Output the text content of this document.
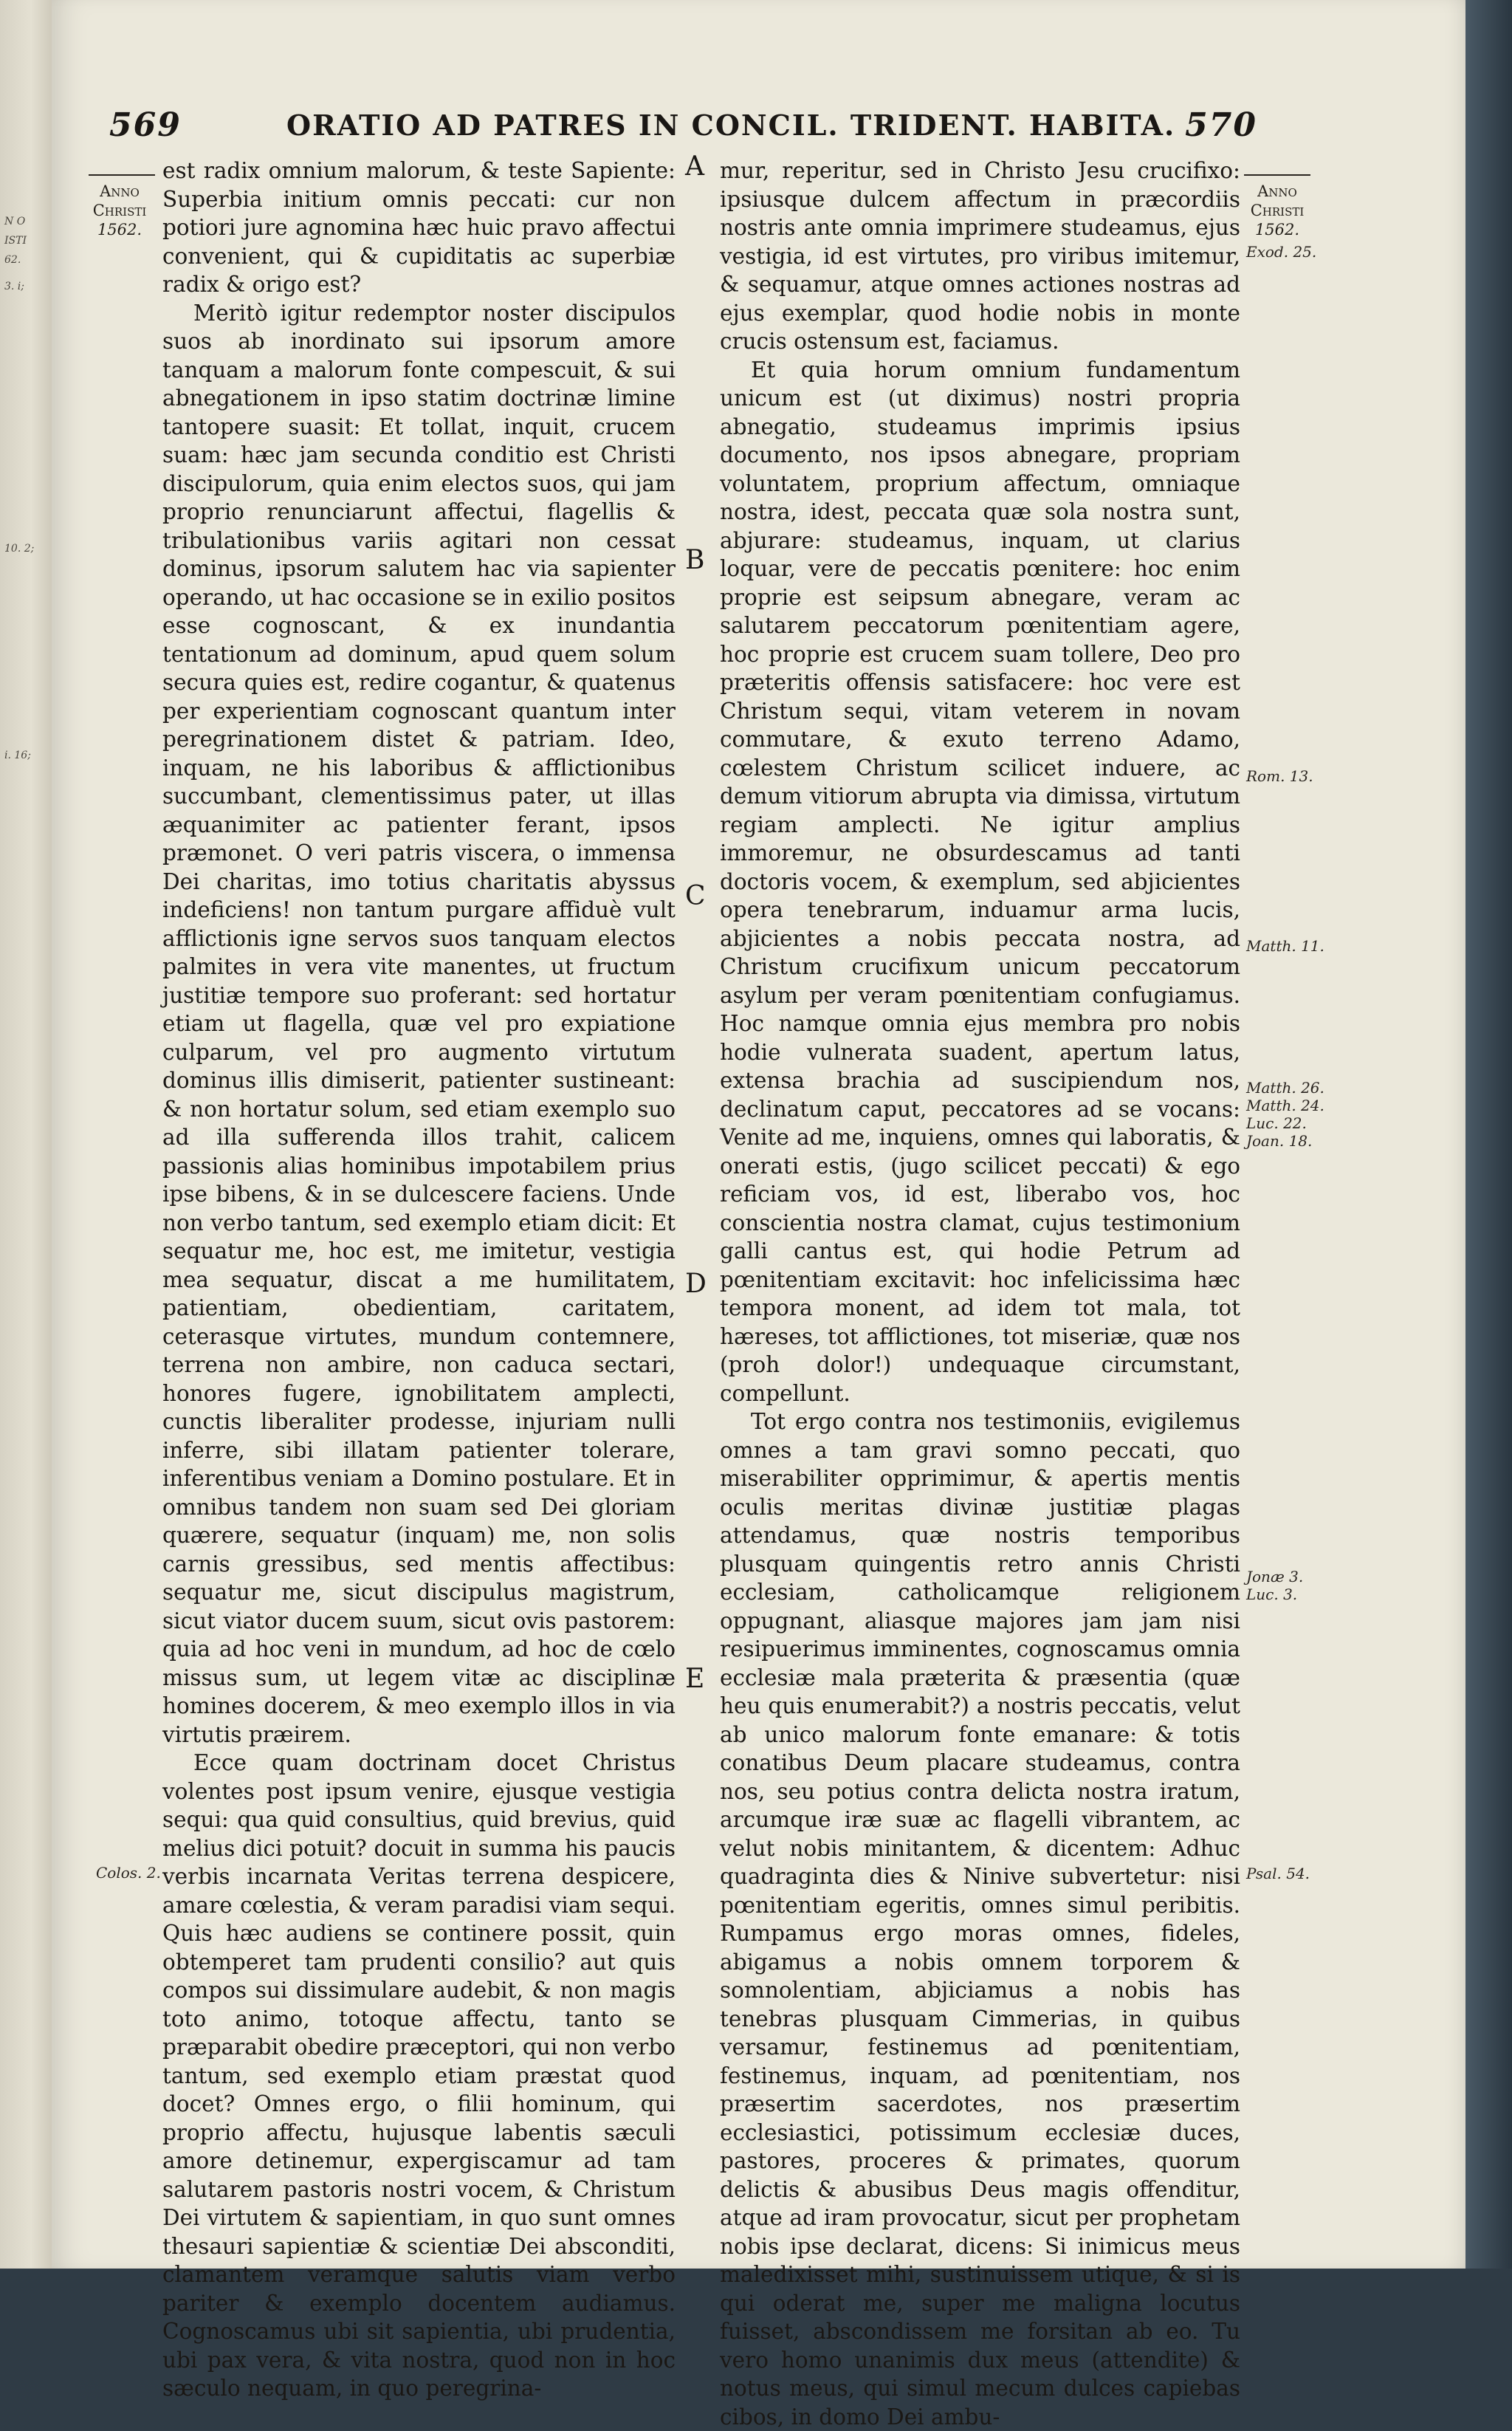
N O
ISTI
62.
3. i;
10. 2;
i. 16;
569	ORATIO AD PATRES IN CONCIL. TRIDENT. HABITA. 570
Anno
Christi
1562.
Colos. 2.
Anno
Christi
1562.
Exod. 25.
Rom. 13.
Matth. 11.
Matth. 26.
Matth. 24.
Luc. 22.
Joan. 18.
Jonæ 3.
Luc. 3.
Psal. 54.
A
B
C
D
E

est radix omnium malorum, & teste Sapiente: Superbia initium omnis peccati: cur non potiori jure agnomina hæc huic pravo affectui convenient, qui & cupiditatis ac superbiæ radix & origo est?

Meritò igitur redemptor noster discipulos suos ab inordinato sui ipsorum amore tanquam a malorum fonte compescuit, & sui abnegationem in ipso statim doctrinæ limine tantopere suasit: Et tollat, inquit, crucem suam: hæc jam secunda conditio est Christi discipulorum, quia enim electos suos, qui jam proprio renunciarunt affectui, flagellis & tribulationibus variis agitari non cessat dominus, ipsorum salutem hac via sapienter operando, ut hac occasione se in exilio positos esse cognoscant, & ex inundantia tentationum ad dominum, apud quem solum secura quies est, redire cogantur, & quatenus per experientiam cognoscant quantum inter peregrinationem distet & patriam. Ideo, inquam, ne his laboribus & afflictionibus succumbant, clementissimus pater, ut illas æquanimiter ac patienter ferant, ipsos præmonet. O veri patris viscera, o immensa Dei charitas, imo totius charitatis abyssus indeficiens! non tantum purgare affiduè vult afflictionis igne servos suos tanquam electos palmites in vera vite manentes, ut fructum justitiæ tempore suo proferant: sed hortatur etiam ut flagella, quæ vel pro expiatione culparum, vel pro augmento virtutum dominus illis dimiserit, patienter sustineant: & non hortatur solum, sed etiam exemplo suo ad illa sufferenda illos trahit, calicem passionis alias hominibus impotabilem prius ipse bibens, & in se dulcescere faciens. Unde non verbo tantum, sed exemplo etiam dicit: Et sequatur me, hoc est, me imitetur, vestigia mea sequatur, discat a me humilitatem, patientiam, obedientiam, caritatem, ceterasque virtutes, mundum contemnere, terrena non ambire, non caduca sectari, honores fugere, ignobilitatem amplecti, cunctis liberaliter prodesse, injuriam nulli inferre, sibi illatam patienter tolerare, inferentibus veniam a Domino postulare. Et in omnibus tandem non suam sed Dei gloriam quærere, sequatur (inquam) me, non solis carnis gressibus, sed mentis affectibus: sequatur me, sicut discipulus magistrum, sicut viator ducem suum, sicut ovis pastorem: quia ad hoc veni in mundum, ad hoc de cœlo missus sum, ut legem vitæ ac disciplinæ homines docerem, & meo exemplo illos in via virtutis præirem.

Ecce quam doctrinam docet Christus volentes post ipsum venire, ejusque vestigia sequi: qua quid consultius, quid brevius, quid melius dici potuit? docuit in summa his paucis verbis incarnata Veritas terrena despicere, amare cœlestia, & veram paradisi viam sequi. Quis hæc audiens se continere possit, quin obtemperet tam prudenti consilio? aut quis compos sui dissimulare audebit, & non magis toto animo, totoque affectu, tanto se præparabit obedire præceptori, qui non verbo tantum, sed exemplo etiam præstat quod docet? Omnes ergo, o filii hominum, qui proprio affectu, hujusque labentis sæculi amore detinemur, expergiscamur ad tam salutarem pastoris nostri vocem, & Christum Dei virtutem & sapientiam, in quo sunt omnes thesauri sapientiæ & scientiæ Dei absconditi, clamantem veramque salutis viam verbo pariter & exemplo docentem audiamus. Cognoscamus ubi sit sapientia, ubi prudentia, ubi pax vera, & vita nostra, quod non in hoc sæculo nequam, in quo peregrina-

mur, reperitur, sed in Christo Jesu crucifixo: ipsiusque dulcem affectum in præcordiis nostris ante omnia imprimere studeamus, ejus vestigia, id est virtutes, pro viribus imitemur, & sequamur, atque omnes actiones nostras ad ejus exemplar, quod hodie nobis in monte crucis ostensum est, faciamus.

Et quia horum omnium fundamentum unicum est (ut diximus) nostri propria abnegatio, studeamus imprimis ipsius documento, nos ipsos abnegare, propriam voluntatem, proprium affectum, omniaque nostra, idest, peccata quæ sola nostra sunt, abjurare: studeamus, inquam, ut clarius loquar, vere de peccatis pœnitere: hoc enim proprie est seipsum abnegare, veram ac salutarem peccatorum pœnitentiam agere, hoc proprie est crucem suam tollere, Deo pro præteritis offensis satisfacere: hoc vere est Christum sequi, vitam veterem in novam commutare, & exuto terreno Adamo, cœlestem Christum scilicet induere, ac demum vitiorum abrupta via dimissa, virtutum regiam amplecti. Ne igitur amplius immoremur, ne obsurdescamus ad tanti doctoris vocem, & exemplum, sed abjicientes opera tenebrarum, induamur arma lucis, abjicientes a nobis peccata nostra, ad Christum crucifixum unicum peccatorum asylum per veram pœnitentiam confugiamus. Hoc namque omnia ejus membra pro nobis hodie vulnerata suadent, apertum latus, extensa brachia ad suscipiendum nos, declinatum caput, peccatores ad se vocans: Venite ad me, inquiens, omnes qui laboratis, & onerati estis, (jugo scilicet peccati) & ego reficiam vos, id est, liberabo vos, hoc conscientia nostra clamat, cujus testimonium galli cantus est, qui hodie Petrum ad pœnitentiam excitavit: hoc infelicissima hæc tempora monent, ad idem tot mala, tot hæreses, tot afflictiones, tot miseriæ, quæ nos (proh dolor!) undequaque circumstant, compellunt.

Tot ergo contra nos testimoniis, evigilemus omnes a tam gravi somno peccati, quo miserabiliter opprimimur, & apertis mentis oculis meritas divinæ justitiæ plagas attendamus, quæ nostris temporibus plusquam quingentis retro annis Christi ecclesiam, catholicamque religionem oppugnant, aliasque majores jam jam nisi resipuerimus imminentes, cognoscamus omnia ecclesiæ mala præterita & præsentia (quæ heu quis enumerabit?) a nostris peccatis, velut ab unico malorum fonte emanare: & totis conatibus Deum placare studeamus, contra nos, seu potius contra delicta nostra iratum, arcumque iræ suæ ac flagelli vibrantem, ac velut nobis minitantem, & dicentem: Adhuc quadraginta dies & Ninive subvertetur: nisi pœnitentiam egeritis, omnes simul peribitis. Rumpamus ergo moras omnes, fideles, abigamus a nobis omnem torporem & somnolentiam, abjiciamus a nobis has tenebras plusquam Cimmerias, in quibus versamur, festinemus ad pœnitentiam, festinemus, inquam, ad pœnitentiam, nos præsertim sacerdotes, nos præsertim ecclesiastici, potissimum ecclesiæ duces, pastores, proceres & primates, quorum delictis & abusibus Deus magis offenditur, atque ad iram provocatur, sicut per prophetam nobis ipse declarat, dicens: Si inimicus meus maledixisset mihi, sustinuissem utique, & si is qui oderat me, super me maligna locutus fuisset, abscondissem me forsitan ab eo. Tu vero homo unanimis dux meus (attendite) & notus meus, qui simul mecum dulces capiebas cibos, in domo Dei ambu-
